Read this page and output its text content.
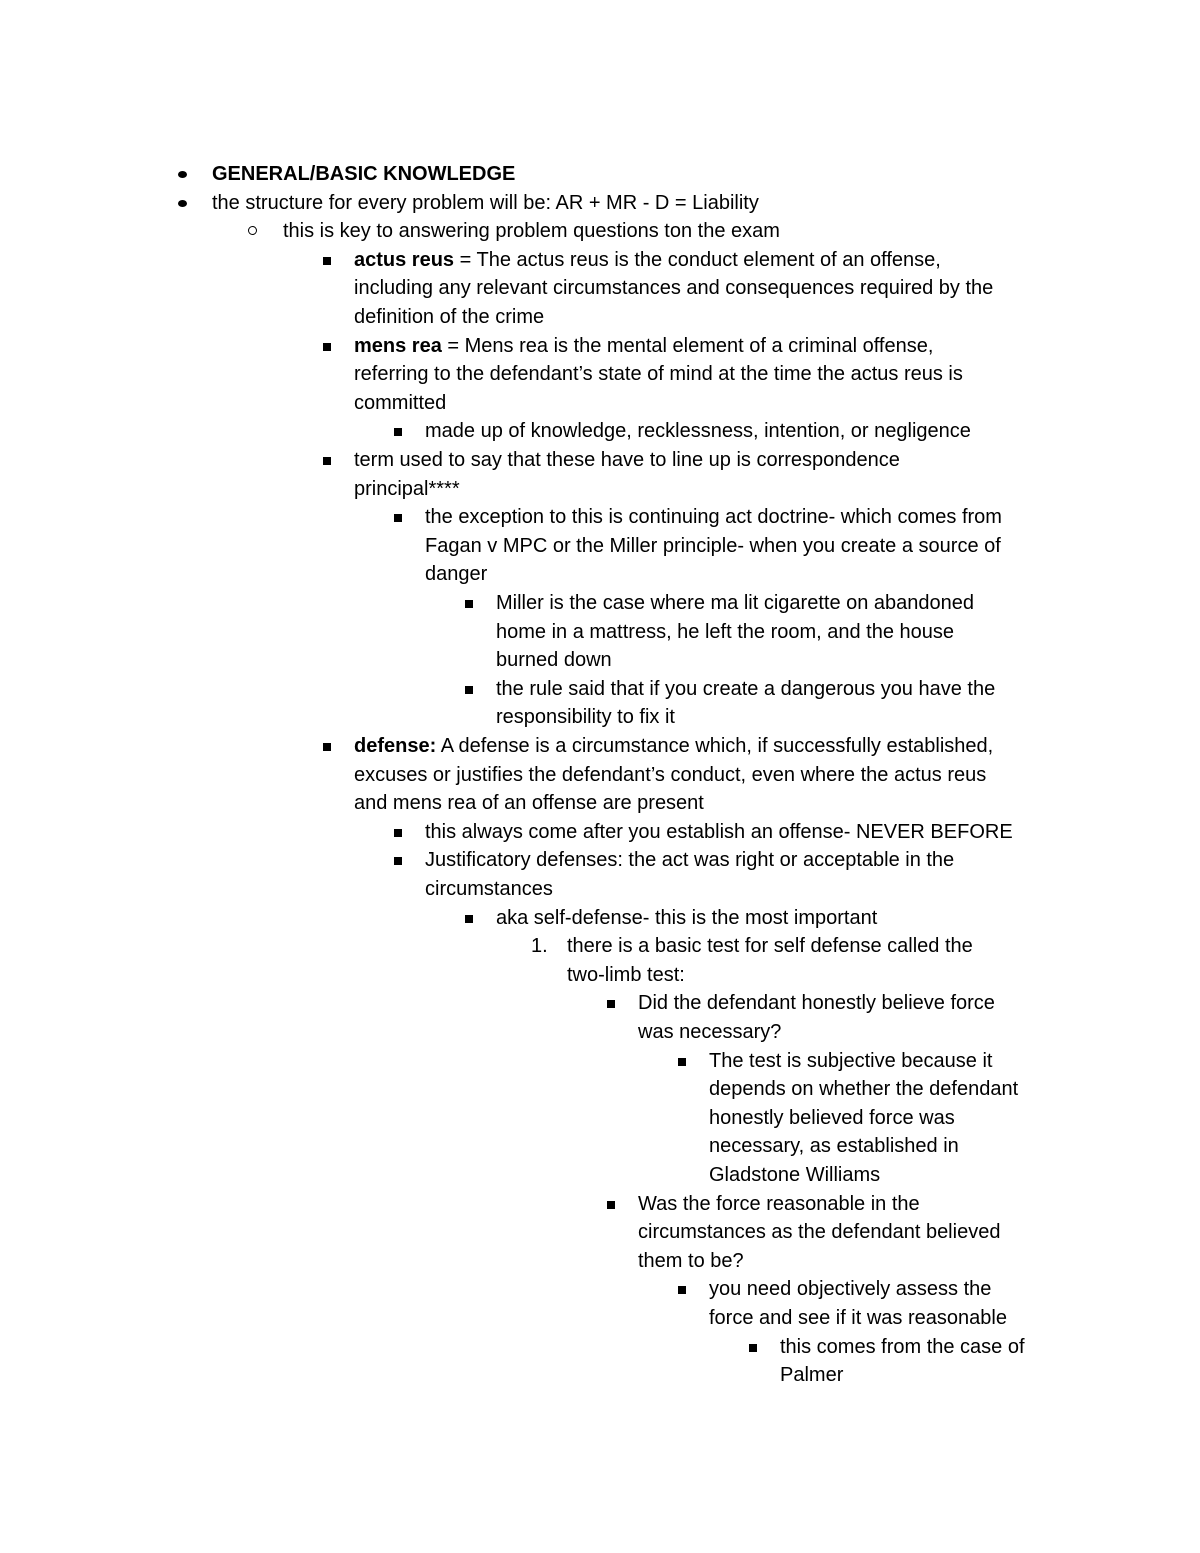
GENERAL/BASIC KNOWLEDGE
the structure for every problem will be: AR + MR - D = Liability
this is key to answering problem questions ton the exam
actus reus = The actus reus is the conduct element of an offense,
including any relevant circumstances and consequences required by the
definition of the crime
mens rea = Mens rea is the mental element of a criminal offense,
referring to the defendant’s state of mind at the time the actus reus is
committed
made up of knowledge, recklessness, intention, or negligence
term used to say that these have to line up is correspondence
principal****
the exception to this is continuing act doctrine- which comes from
Fagan v MPC or the Miller principle- when you create a source of
danger
Miller is the case where ma lit cigarette on abandoned
home in a mattress, he left the room, and the house
burned down
the rule said that if you create a dangerous you have the
responsibility to fix it
defense: A defense is a circumstance which, if successfully established,
excuses or justifies the defendant’s conduct, even where the actus reus
and mens rea of an offense are present
this always come after you establish an offense- NEVER BEFORE
Justificatory defenses: the act was right or acceptable in the
circumstances
aka self-defense- this is the most important
1. there is a basic test for self defense called the
two-limb test:
Did the defendant honestly believe force
was necessary?
The test is subjective because it
depends on whether the defendant
honestly believed force was
necessary, as established in
Gladstone Williams
Was the force reasonable in the
circumstances as the defendant believed
them to be?
you need objectively assess the
force and see if it was reasonable
this comes from the case of
Palmer
